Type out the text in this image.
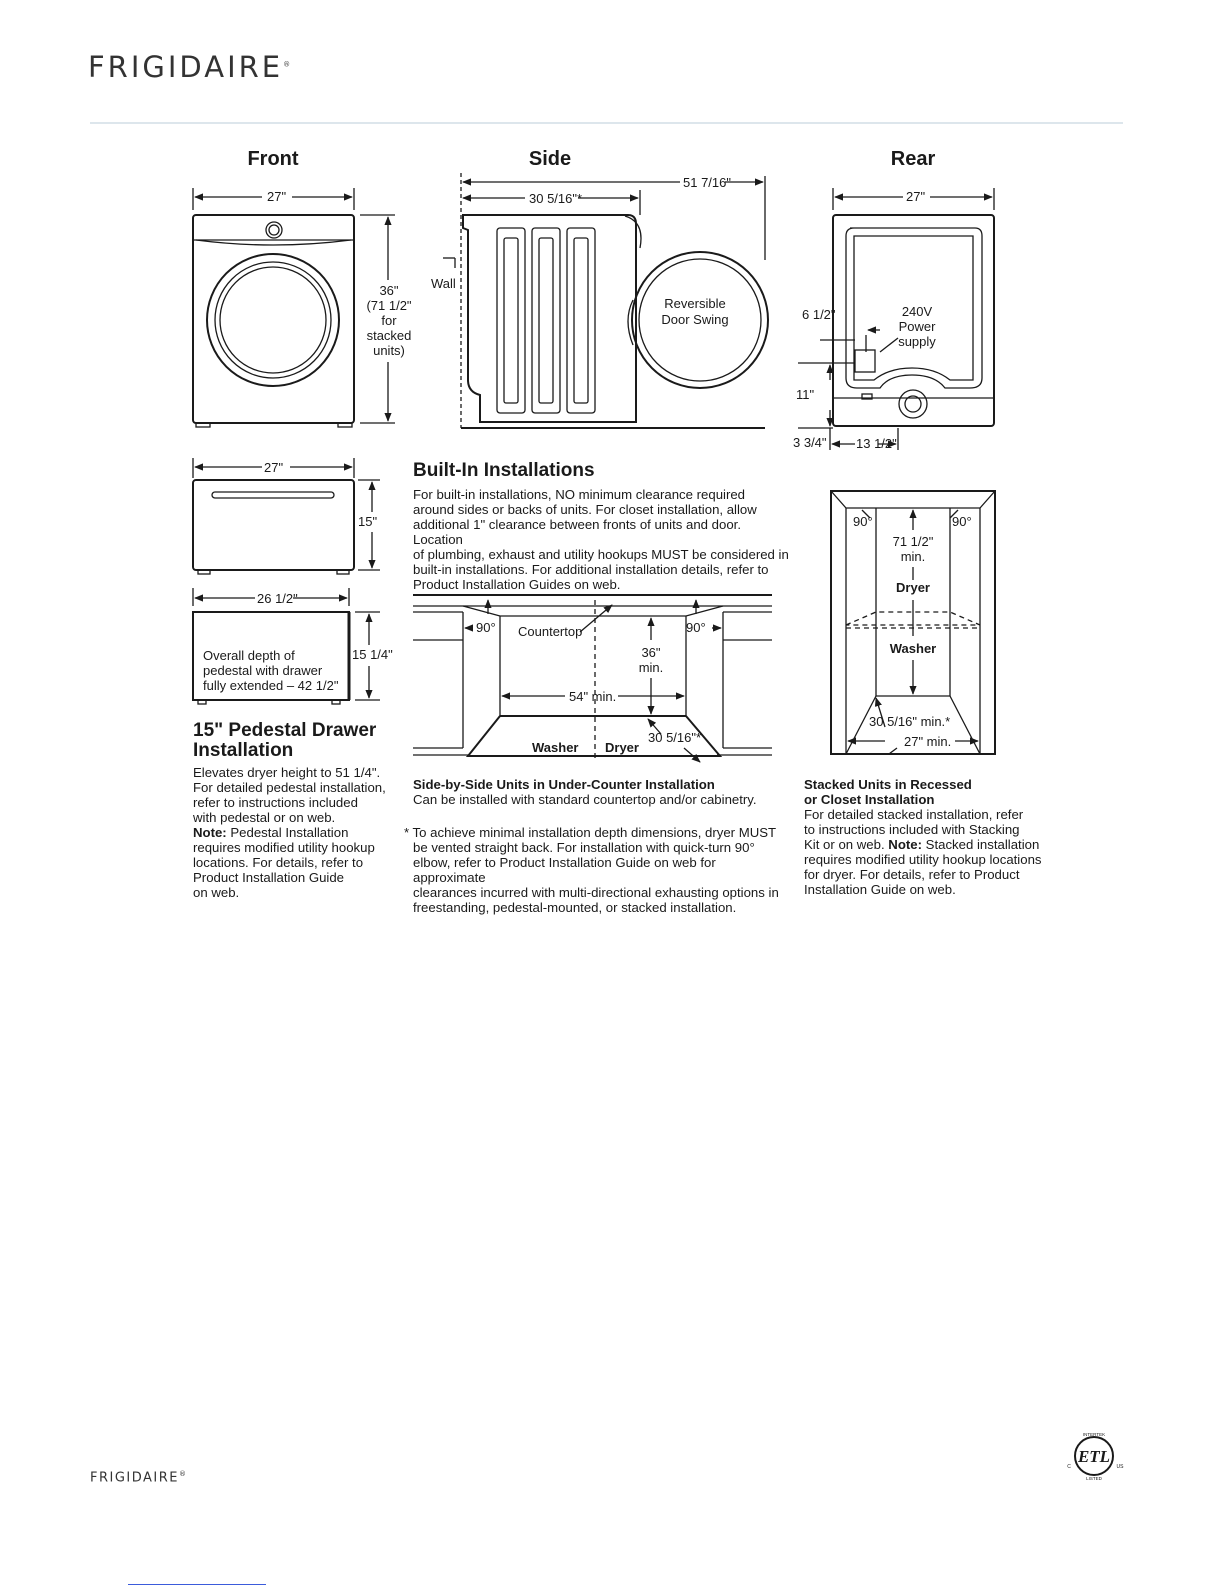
FRIGIDAIRE®
Front	Side	Rear
27"
36"
(71 1/2"
for
stacked
units)
51 7/16"
30 5/16"*
Wall
Reversible
Door Swing
27"
6 1/2"	240V
Power
supply
11"
3 3/4" 13 1/2"
27"
15"
26 1/2"
15 1/4"
Overall depth of
pedestal with drawer
fully extended – 42 1/2"
90°	90°
Countertop
36"
min.
54" min.
Washer Dryer
30 5/16"*
90°	90°
71 1/2"
min.
Dryer
Washer
30 5/16" min.*
27" min.
Built-In Installations
For built-in installations, NO minimum clearance required
around sides or backs of units. For closet installation, allow
additional 1" clearance between fronts of units and door. Location
of plumbing, exhaust and utility hookups MUST be considered in
built-in installations. For additional installation details, refer to
Product Installation Guides on web.
Side-by-Side Units in Under-Counter Installation
Can be installed with standard countertop and/or cabinetry.
* To achieve minimal installation depth dimensions, dryer MUST
be vented straight back. For installation with quick-turn 90°
elbow, refer to Product Installation Guide on web for approximate
clearances incurred with multi-directional exhausting options in
freestanding, pedestal-mounted, or stacked installation.
15" Pedestal Drawer
Installation
Elevates dryer height to 51 1/4".
For detailed pedestal installation,
refer to instructions included
with pedestal or on web.
Note: Pedestal Installation
requires modified utility hookup
locations. For details, refer to
Product Installation Guide
on web.
Stacked Units in Recessed
or Closet Installation
For detailed stacked installation, refer
to instructions included with Stacking
Kit or on web. Note: Stacked installation
requires modified utility hookup locations
for dryer. For details, refer to Product
Installation Guide on web.
FRIGIDAIRE®
ETL
INTERTEK
LISTED
C	US
